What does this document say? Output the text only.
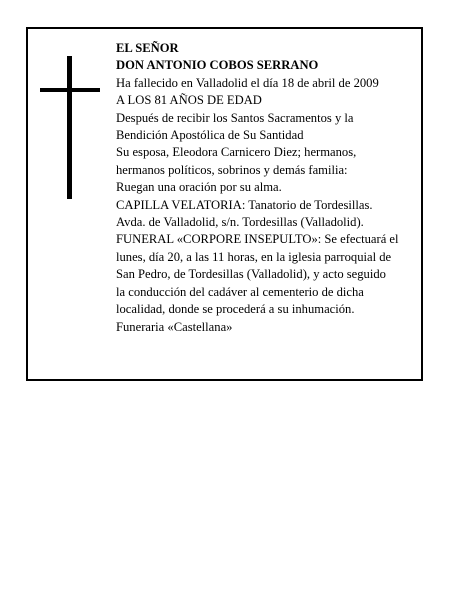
EL SEÑOR
DON ANTONIO COBOS SERRANO
Ha fallecido en Valladolid el día 18 de abril de 2009
A LOS 81 AÑOS DE EDAD
Después de recibir los Santos Sacramentos y la
Bendición Apostólica de Su Santidad
Su esposa, Eleodora Carnicero Diez; hermanos,
hermanos políticos, sobrinos y demás familia:
Ruegan una oración por su alma.
CAPILLA VELATORIA: Tanatorio de Tordesillas.
Avda. de Valladolid, s/n. Tordesillas (Valladolid).
FUNERAL «CORPORE INSEPULTO»: Se efectuará el
lunes, día 20, a las 11 horas, en la iglesia parroquial de
San Pedro, de Tordesillas (Valladolid), y acto seguido
la conducción del cadáver al cementerio de dicha
localidad, donde se procederá a su inhumación.
Funeraria «Castellana»
